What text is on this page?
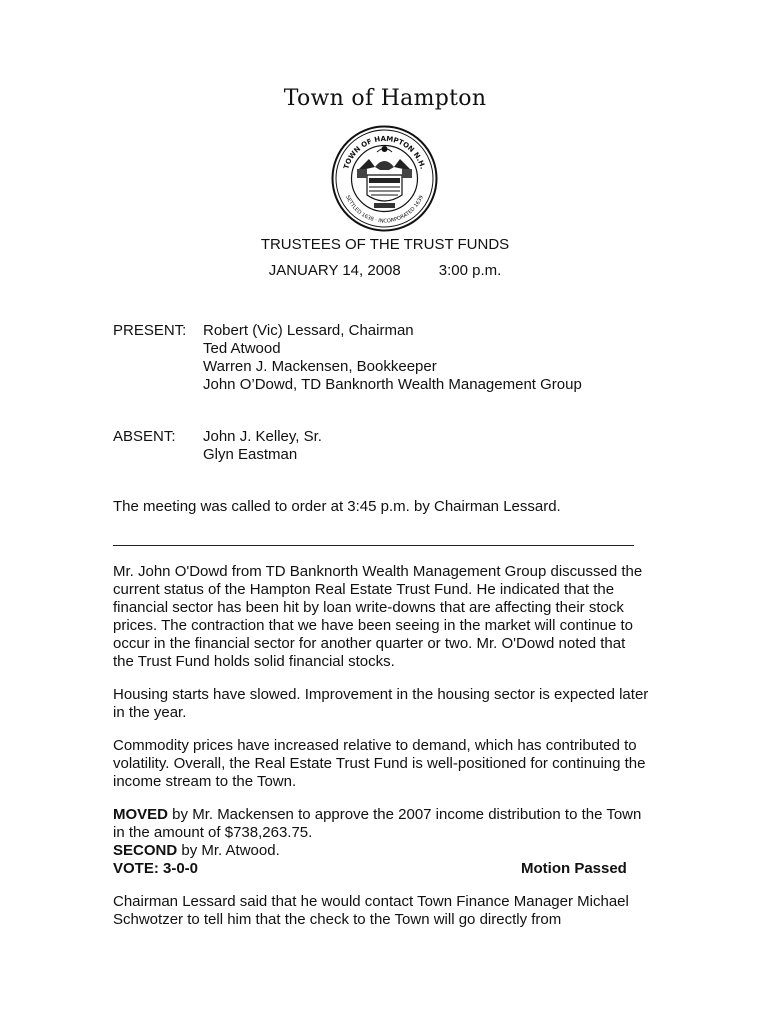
Town of Hampton
TOWN OF HAMPTON N.H.
SETTLED 1638 · INCORPORATED 1639
TRUSTEES OF THE TRUST FUNDS
JANUARY 14, 2008	3:00 p.m.
PRESENT: Robert (Vic) Lessard, Chairman
Ted Atwood
Warren J. Mackensen, Bookkeeper
John O’Dowd, TD Banknorth Wealth Management Group
ABSENT: John J. Kelley, Sr.
Glyn Eastman
The meeting was called to order at 3:45 p.m. by Chairman Lessard.
Mr. John O'Dowd from TD Banknorth Wealth Management Group discussed the
current status of the Hampton Real Estate Trust Fund. He indicated that the
financial sector has been hit by loan write-downs that are affecting their stock
prices. The contraction that we have been seeing in the market will continue to
occur in the financial sector for another quarter or two. Mr. O'Dowd noted that
the Trust Fund holds solid financial stocks.
Housing starts have slowed. Improvement in the housing sector is expected later
in the year.
Commodity prices have increased relative to demand, which has contributed to
volatility. Overall, the Real Estate Trust Fund is well-positioned for continuing the
income stream to the Town.
MOVED by Mr. Mackensen to approve the 2007 income distribution to the Town
in the amount of $738,263.75.
SECOND by Mr. Atwood.
VOTE: 3-0-0	Motion Passed
Chairman Lessard said that he would contact Town Finance Manager Michael
Schwotzer to tell him that the check to the Town will go directly from
